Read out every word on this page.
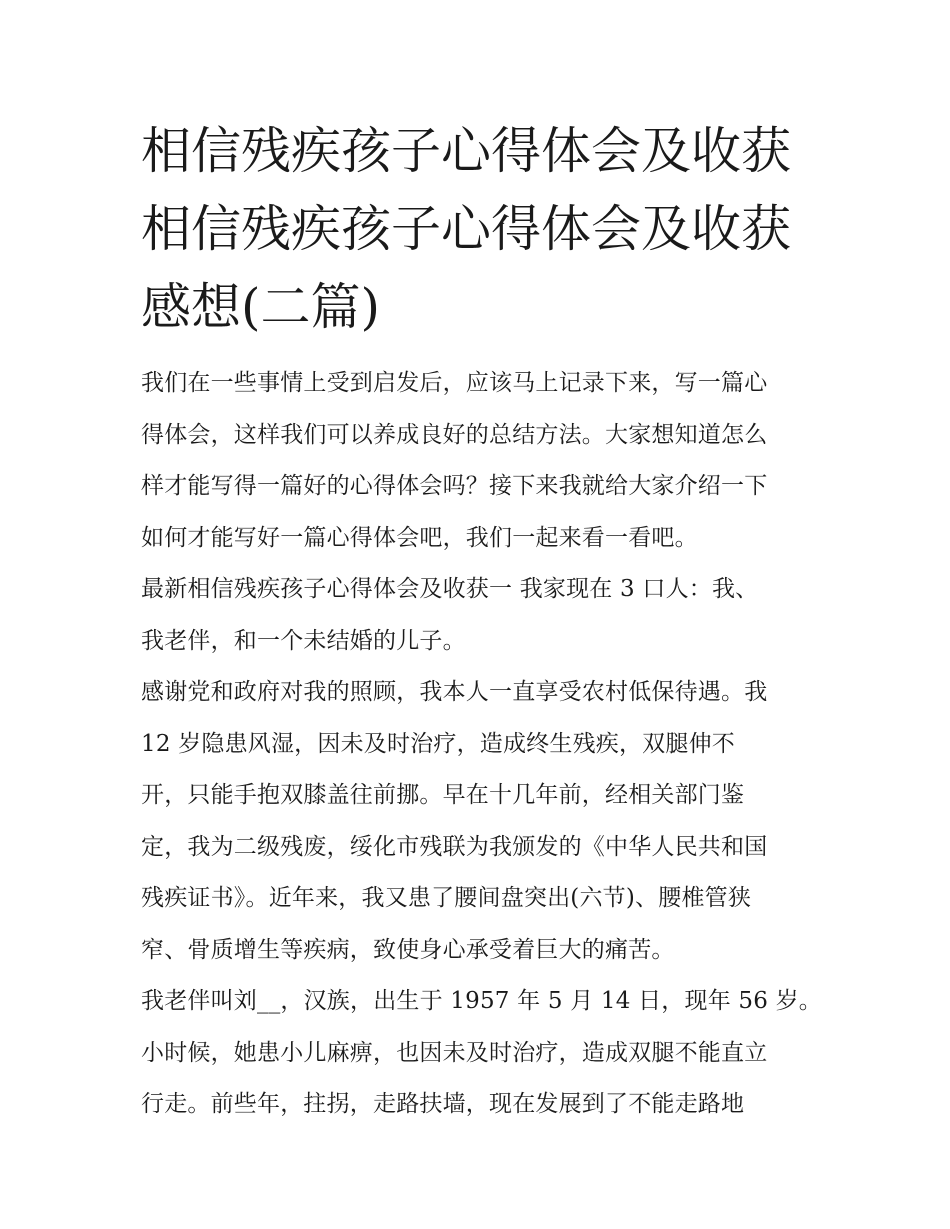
相信残疾孩子心得体会及收获
相信残疾孩子心得体会及收获
感想(二篇)

我们在一些事情上受到启发后，应该马上记录下来，写一篇心
得体会，这样我们可以养成良好的总结方法。大家想知道怎么
样才能写得一篇好的心得体会吗？接下来我就给大家介绍一下
如何才能写好一篇心得体会吧，我们一起来看一看吧。

最新相信残疾孩子心得体会及收获一 我家现在 3 口人：我、
我老伴，和一个未结婚的儿子。

感谢党和政府对我的照顾，我本人一直享受农村低保待遇。我
12 岁隐患风湿，因未及时治疗，造成终生残疾，双腿伸不
开，只能手抱双膝盖往前挪。早在十几年前，经相关部门鉴
定，我为二级残废，绥化市残联为我颁发的《中华人民共和国
残疾证书》。近年来，我又患了腰间盘突出(六节)、腰椎管狭
窄、骨质增生等疾病，致使身心承受着巨大的痛苦。

我老伴叫刘__，汉族，出生于 1957 年 5 月 14 日，现年 56 岁。
小时候，她患小儿麻痹，也因未及时治疗，造成双腿不能直立
行走。前些年，拄拐，走路扶墙，现在发展到了不能走路地
